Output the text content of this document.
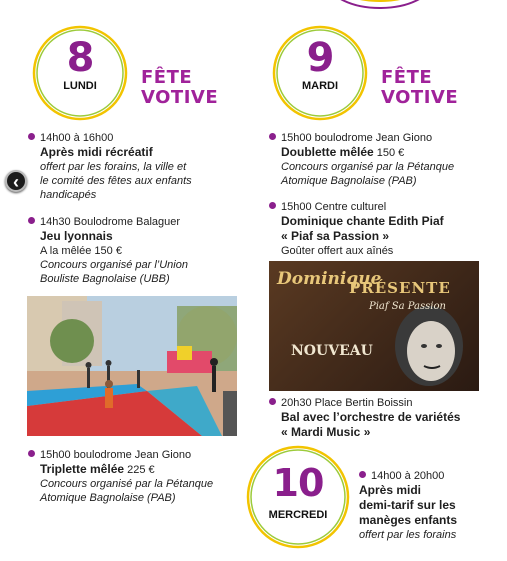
8
LUNDI	FÊTE
VOTIVE
9
MARDI	FÊTE
VOTIVE
‹
14h00 à 16h00
Après midi récréatif
offert par les forains, la ville et
le comité des fêtes aux enfants
handicapés
14h30 Boulodrome Balaguer
Jeu lyonnais
A la mêlée 150 €
Concours organisé par l’Union
Bouliste Bagnolaise (UBB)
15h00 boulodrome Jean Giono
Triplette mêlée 225 €
Concours organisé par la Pétanque
Atomique Bagnolaise (PAB)
15h00 boulodrome Jean Giono
Doublette mêlée 150 €
Concours organisé par la Pétanque
Atomique Bagnolaise (PAB)
15h00 Centre culturel
Dominique chante Edith Piaf
« Piaf sa Passion »
Goûter offert aux aînés
Dominique
PRÉSENTE
Piaf Sa Passion
NOUVEAU
20h30 Place Bertin Boissin
Bal avec l’orchestre de variétés
« Mardi Music »
10
MERCREDI
14h00 à 20h00
Après midi
demi-tarif sur les
manèges enfants
offert par les forains
